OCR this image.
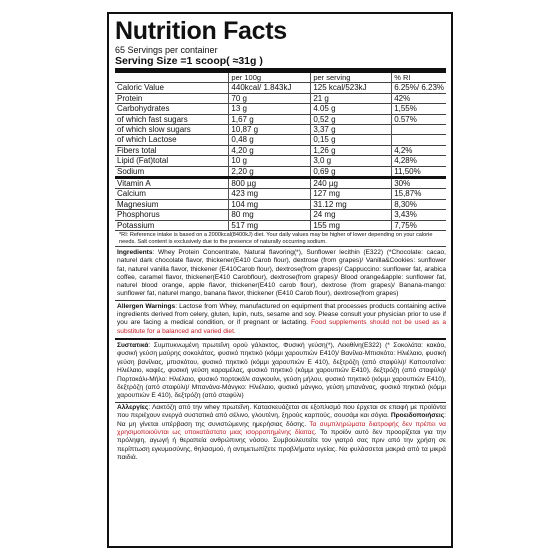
Nutrition Facts
65 Servings per container
Serving Size =1 scoop( ≈31g )
	per 100g	per serving	% RI
Caloric Value	440kcal/ 1.843kJ	125 kcal/523kJ	6.25%/ 6.23%
Protein	70 g	21 g	42%
Carbohydrates	13 g	4.05 g	1,55%
of which fast sugars	1,67 g	0,52 g	0.57%
of which slow sugars	10,87 g	3,37 g	
of which Lactose	0,48 g	0,15 g	
Fibers total	4,20 g	1,26 g	4,2%
Lipid (Fat)total	10 g	3,0 g	4,28%
Sodium	2,20 g	0,69 g	11,50%
Vitamin A	800 µg	240 µg	30%
Calcium	423 mg	127 mg	15,87%
Magnesium	104 mg	31.12 mg	8,30%
Phosphorus	80 mg	24 mg	3,43%
Potassium	517 mg	155 mg	7,75%
*RI: Reference intake is based on a 2000kcal(8400kJ) diet. Your daily values may be higher of lower depending on your calorie needs. Salt content is exclusively due to the presence of naturally occurring sodium.
Ingredients: Whey Protein Concentrate, Natural flavoring(*), Sunflower lecithin (E322) (*Chocolate: cacao, naturel dark chocolate flavor, thickener(E410 Carob flour), dextrose (from grapes)/ Vanilla&Cookies: sunflower fat, naturel vanilla flavor, thickener (E410Carob flour), dextrose(from grapes)/ Cappuccino: sunflower fat, arabica coffee, caramel flavor, thickener(E410 Carobflour), dextrose(from grapes)/ Blood orange&apple: sunflower fat, naturel blood orange, apple flavor, thickener(E410 carob flour), dextrose (from grapes)/ Banana-mango: sunflower fat, naturel mango, banana flavor, thickener (E410 Carob flour), dextrose(from grapes)
Allergen Warnings: Lactose from Whey, manufactured on equipment that processes products containing active ingredients derived from celery, gluten, lupin, nuts, sesame and soy. Please consult your physician prior to use if you are facing a medical condition, or if pregnant or lactating. Food supplements should not be used as a substitute for a balanced and varied diet.
Συστατικά: Συμπυκνωμένη πρωτεΐνη ορού γάλακτος, Φυσική γεύση(*), Λεκιθίνη(E322) (* Σοκολάτα: κακάο, φυσική γεύση μαύρης σοκολάτας, φυσικό πηκτικό (κόμμι χαρουπιών E410)/ Βανίλια-Μπισκότο: Ηλιέλαιο, φυσική γεύση βανίλιας, μπισκότου, φυσικό πηκτικό (κόμμι χαρουπιών E 410), δεξτρόζη (από σταφύλι)/ Καπουτσίνο: Ηλιέλαιο, καφές, φυσική γεύση καραμέλας, φυσικό πηκτικό (κόμμι χαρουπιών E410), δεξτρόζη (από σταφύλι)/ Πορτοκάλι-Μήλο: Ηλιέλαιο, φυσικό πορτοκάλι σαγκουίνι, γεύση μήλου, φυσικό πηκτικό (κόμμι χαρουπιών E410), δεξτρόζη (από σταφύλι)/ Μπανάνα-Μάνγκο: Ηλιέλαιο, φυσικό μάνγκο, γεύση μπανάνας, φυσικό πηκτικό (κόμμι χαρουπιών E 410), δεξτρόζη (από σταφύλι)
Αλλεργίες: Λακτόζη από την whey πρωτεΐνη. Κατασκευάζεται σε εξοπλισμό που έρχεται σε επαφή με προϊόντα που περιέχουν ενεργά συστατικά από σέλινο, γλουτένη, ξηρούς καρπούς, σουσάμι και σόγια. Προειδοποιήσεις: Να μη γίνεται υπέρβαση της συνιστώμενης ημερήσιας δόσης. Τα συμπληρώματα διατροφής δεν πρέπει να χρησιμοποιούνται ως υποκατάστατο μιας ισορροπημένης δίαιτας. Το προϊόν αυτό δεν προορίζεται για την πρόληψη, αγωγή ή θεραπεία ανθρώπινης νόσου. Συμβουλευτείτε τον γιατρό σας πριν από την χρήση σε περίπτωση εγκυμοσύνης, θηλασμού, ή αντιμετωπίζετε προβλήματα υγείας. Να φυλάσσεται μακριά από τα μικρά παιδιά.
